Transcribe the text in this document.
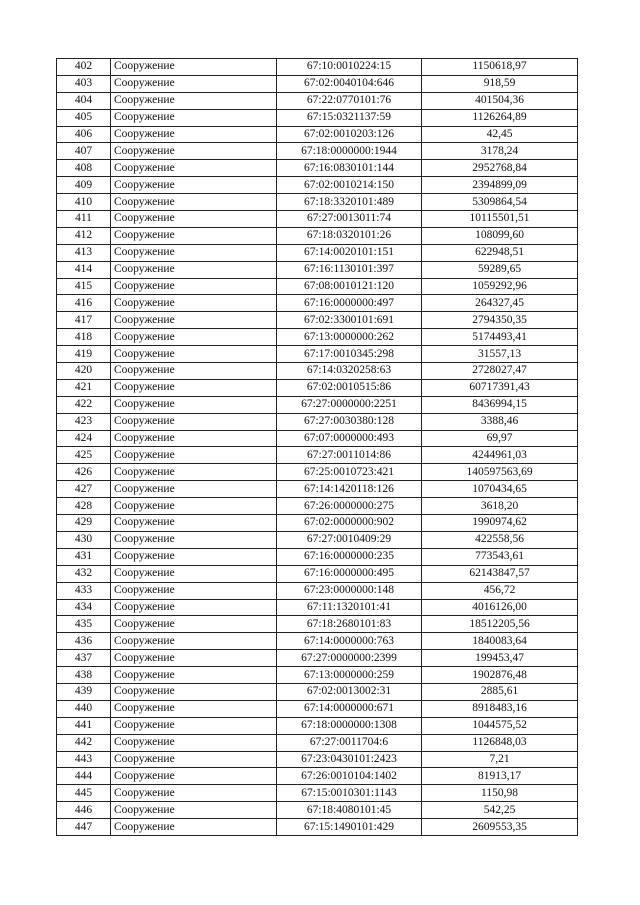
402	Сооружение	67:10:0010224:15	1150618,97
403	Сооружение	67:02:0040104:646	918,59
404	Сооружение	67:22:0770101:76	401504,36
405	Сооружение	67:15:0321137:59	1126264,89
406	Сооружение	67:02:0010203:126	42,45
407	Сооружение	67:18:0000000:1944	3178,24
408	Сооружение	67:16:0830101:144	2952768,84
409	Сооружение	67:02:0010214:150	2394899,09
410	Сооружение	67:18:3320101:489	5309864,54
411	Сооружение	67:27:0013011:74	10115501,51
412	Сооружение	67:18:0320101:26	108099,60
413	Сооружение	67:14:0020101:151	622948,51
414	Сооружение	67:16:1130101:397	59289,65
415	Сооружение	67:08:0010121:120	1059292,96
416	Сооружение	67:16:0000000:497	264327,45
417	Сооружение	67:02:3300101:691	2794350,35
418	Сооружение	67:13:0000000:262	5174493,41
419	Сооружение	67:17:0010345:298	31557,13
420	Сооружение	67:14:0320258:63	2728027,47
421	Сооружение	67:02:0010515:86	60717391,43
422	Сооружение	67:27:0000000:2251	8436994,15
423	Сооружение	67:27:0030380:128	3388,46
424	Сооружение	67:07:0000000:493	69,97
425	Сооружение	67:27:0011014:86	4244961,03
426	Сооружение	67:25:0010723:421	140597563,69
427	Сооружение	67:14:1420118:126	1070434,65
428	Сооружение	67:26:0000000:275	3618,20
429	Сооружение	67:02:0000000:902	1990974,62
430	Сооружение	67:27:0010409:29	422558,56
431	Сооружение	67:16:0000000:235	773543,61
432	Сооружение	67:16:0000000:495	62143847,57
433	Сооружение	67:23:0000000:148	456,72
434	Сооружение	67:11:1320101:41	4016126,00
435	Сооружение	67:18:2680101:83	18512205,56
436	Сооружение	67:14:0000000:763	1840083,64
437	Сооружение	67:27:0000000:2399	199453,47
438	Сооружение	67:13:0000000:259	1902876,48
439	Сооружение	67:02:0013002:31	2885,61
440	Сооружение	67:14:0000000:671	8918483,16
441	Сооружение	67:18:0000000:1308	1044575,52
442	Сооружение	67:27:0011704:6	1126848,03
443	Сооружение	67:23:0430101:2423	7,21
444	Сооружение	67:26:0010104:1402	81913,17
445	Сооружение	67:15:0010301:1143	1150,98
446	Сооружение	67:18:4080101:45	542,25
447	Сооружение	67:15:1490101:429	2609553,35
